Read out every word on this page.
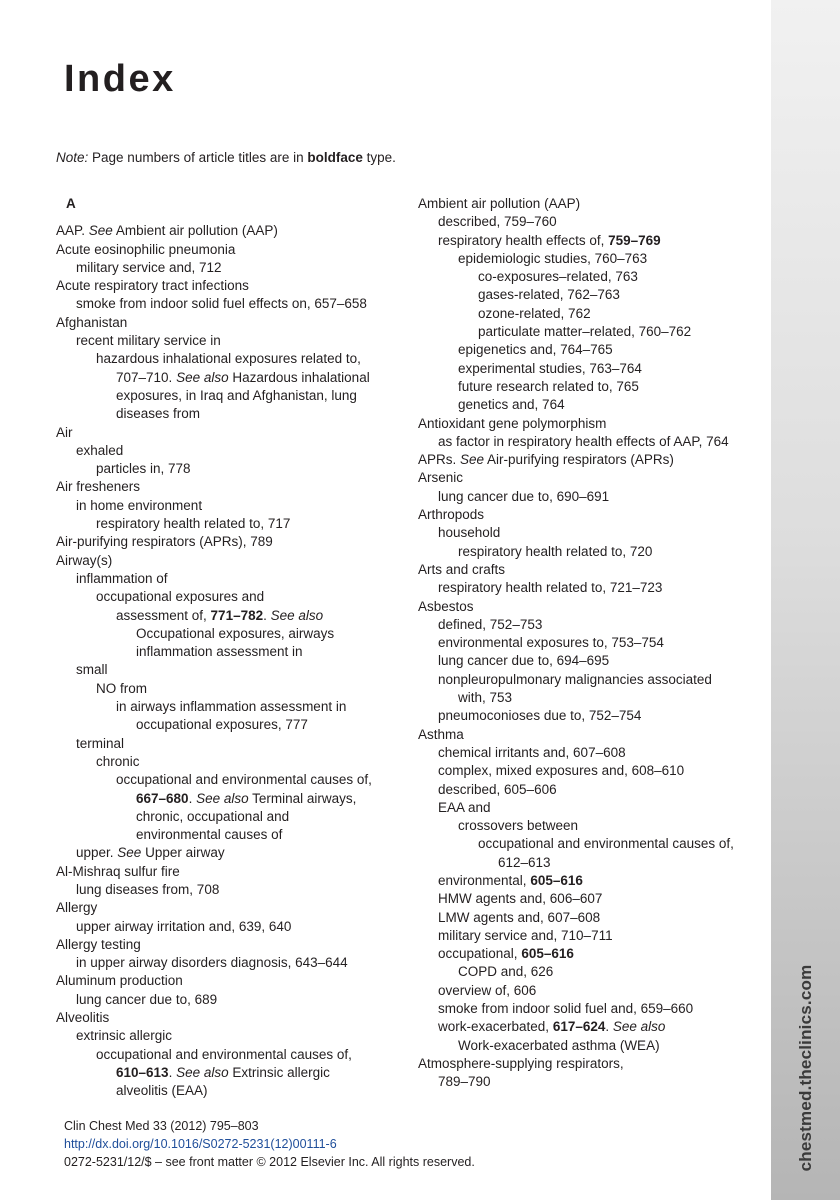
chestmed.theclinics.com
Index
Note: Page numbers of article titles are in boldface type.
A
AAP. See Ambient air pollution (AAP)
Acute eosinophilic pneumonia
military service and, 712
Acute respiratory tract infections
smoke from indoor solid fuel effects on, 657–658
Afghanistan
recent military service in
hazardous inhalational exposures related to,
707–710. See also Hazardous inhalational
exposures, in Iraq and Afghanistan, lung
diseases from
Air
exhaled
particles in, 778
Air fresheners
in home environment
respiratory health related to, 717
Air-purifying respirators (APRs), 789
Airway(s)
inflammation of
occupational exposures and
assessment of, 771–782. See also
Occupational exposures, airways
inflammation assessment in
small
NO from
in airways inflammation assessment in
occupational exposures, 777
terminal
chronic
occupational and environmental causes of,
667–680. See also Terminal airways,
chronic, occupational and
environmental causes of
upper. See Upper airway
Al-Mishraq sulfur fire
lung diseases from, 708
Allergy
upper airway irritation and, 639, 640
Allergy testing
in upper airway disorders diagnosis, 643–644
Aluminum production
lung cancer due to, 689
Alveolitis
extrinsic allergic
occupational and environmental causes of,
610–613. See also Extrinsic allergic
alveolitis (EAA)
Ambient air pollution (AAP)
described, 759–760
respiratory health effects of, 759–769
epidemiologic studies, 760–763
co-exposures–related, 763
gases-related, 762–763
ozone-related, 762
particulate matter–related, 760–762
epigenetics and, 764–765
experimental studies, 763–764
future research related to, 765
genetics and, 764
Antioxidant gene polymorphism
as factor in respiratory health effects of AAP, 764
APRs. See Air-purifying respirators (APRs)
Arsenic
lung cancer due to, 690–691
Arthropods
household
respiratory health related to, 720
Arts and crafts
respiratory health related to, 721–723
Asbestos
defined, 752–753
environmental exposures to, 753–754
lung cancer due to, 694–695
nonpleuropulmonary malignancies associated
with, 753
pneumoconioses due to, 752–754
Asthma
chemical irritants and, 607–608
complex, mixed exposures and, 608–610
described, 605–606
EAA and
crossovers between
occupational and environmental causes of,
612–613
environmental, 605–616
HMW agents and, 606–607
LMW agents and, 607–608
military service and, 710–711
occupational, 605–616
COPD and, 626
overview of, 606
smoke from indoor solid fuel and, 659–660
work-exacerbated, 617–624. See also
Work-exacerbated asthma (WEA)
Atmosphere-supplying respirators,
789–790
Clin Chest Med 33 (2012) 795–803
http://dx.doi.org/10.1016/S0272-5231(12)00111-6
0272-5231/12/$ – see front matter © 2012 Elsevier Inc. All rights reserved.
